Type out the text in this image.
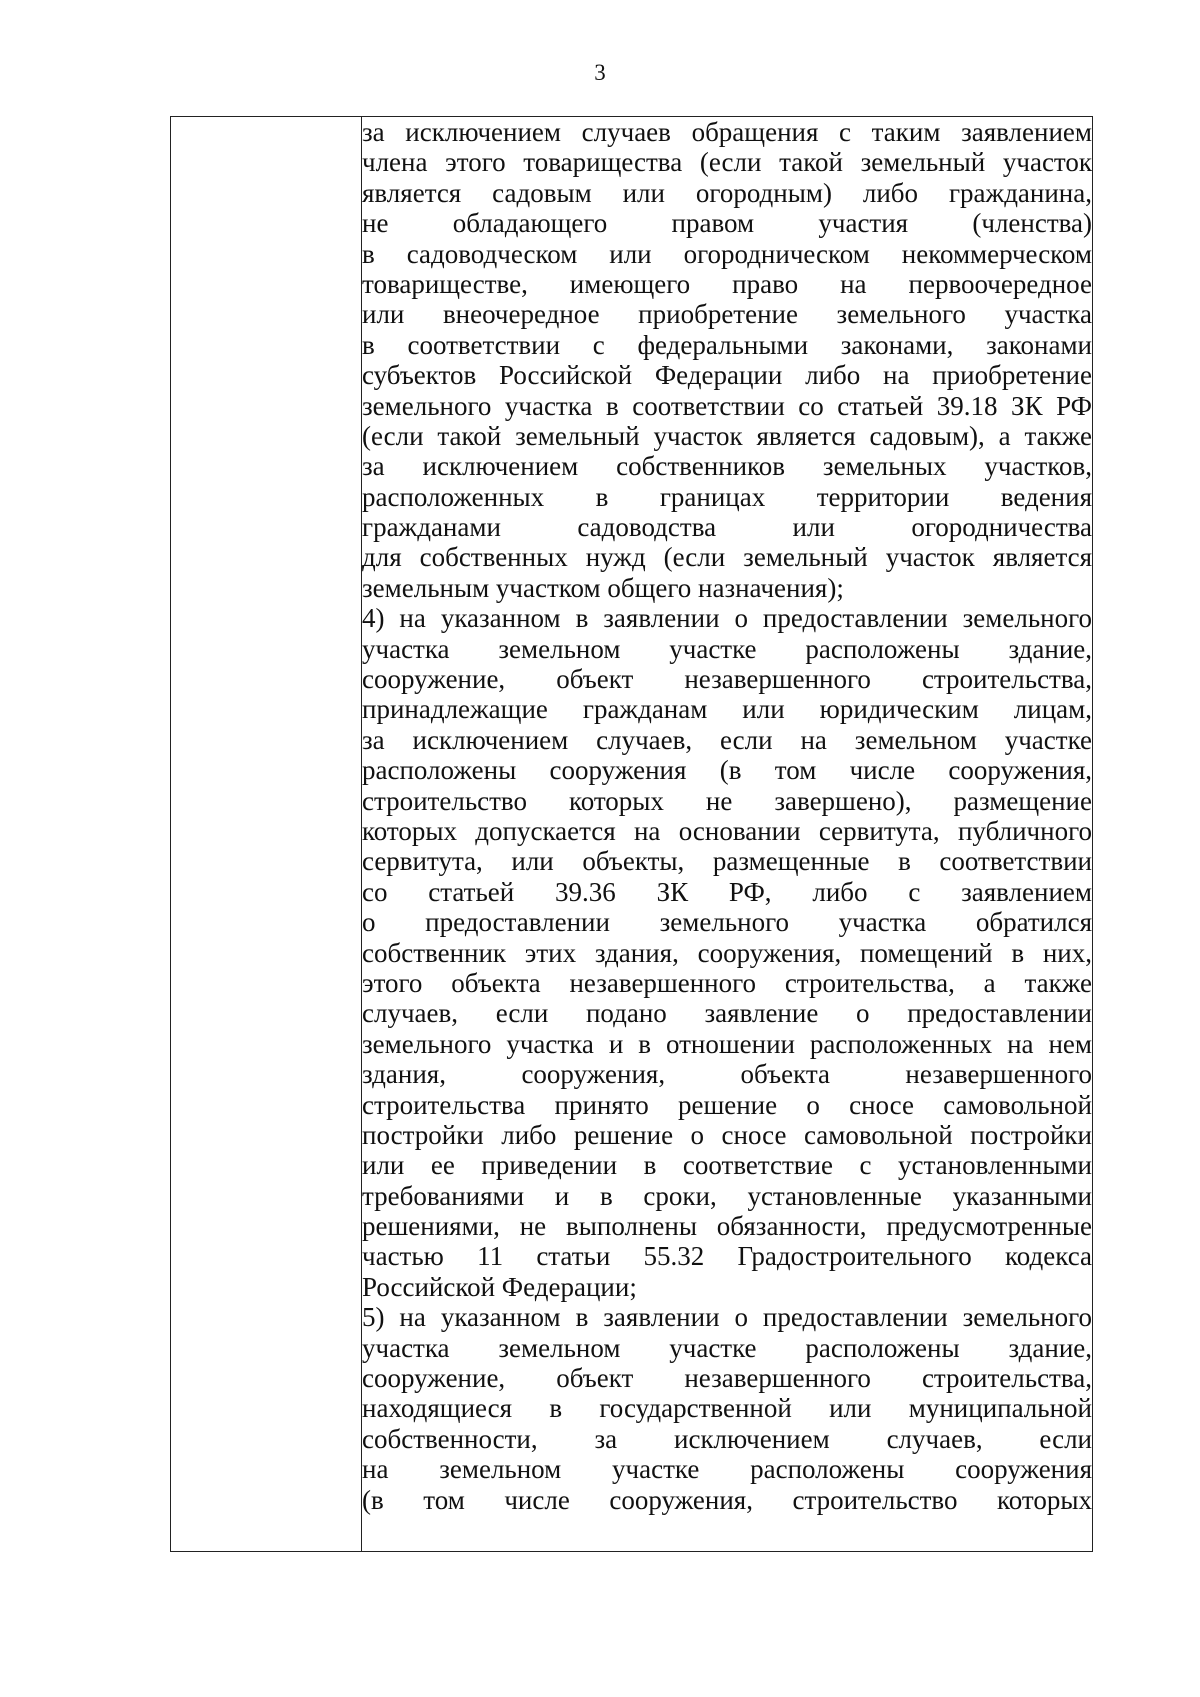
3

за исключением случаев обращения с таким заявлением
члена этого товарищества (если такой земельный участок
является садовым или огородным) либо гражданина,
не обладающего правом участия (членства)
в садоводческом или огородническом некоммерческом
товариществе, имеющего право на первоочередное
или внеочередное приобретение земельного участка
в соответствии с федеральными законами, законами
субъектов Российской Федерации либо на приобретение
земельного участка в соответствии со статьей 39.18 ЗК РФ
(если такой земельный участок является садовым), а также
за исключением собственников земельных участков,
расположенных в границах территории ведения
гражданами садоводства или огородничества
для собственных нужд (если земельный участок является
земельным участком общего назначения);
4) на указанном в заявлении о предоставлении земельного
участка земельном участке расположены здание,
сооружение, объект незавершенного строительства,
принадлежащие гражданам или юридическим лицам,
за исключением случаев, если на земельном участке
расположены сооружения (в том числе сооружения,
строительство которых не завершено), размещение
которых допускается на основании сервитута, публичного
сервитута, или объекты, размещенные в соответствии
со статьей 39.36 ЗК РФ, либо с заявлением
о предоставлении земельного участка обратился
собственник этих здания, сооружения, помещений в них,
этого объекта незавершенного строительства, а также
случаев, если подано заявление о предоставлении
земельного участка и в отношении расположенных на нем
здания, сооружения, объекта незавершенного
строительства принято решение о сносе самовольной
постройки либо решение о сносе самовольной постройки
или ее приведении в соответствие с установленными
требованиями и в сроки, установленные указанными
решениями, не выполнены обязанности, предусмотренные
частью 11 статьи 55.32 Градостроительного кодекса
Российской Федерации;
5) на указанном в заявлении о предоставлении земельного
участка земельном участке расположены здание,
сооружение, объект незавершенного строительства,
находящиеся в государственной или муниципальной
собственности, за исключением случаев, если
на земельном участке расположены сооружения
(в том числе сооружения, строительство которых
